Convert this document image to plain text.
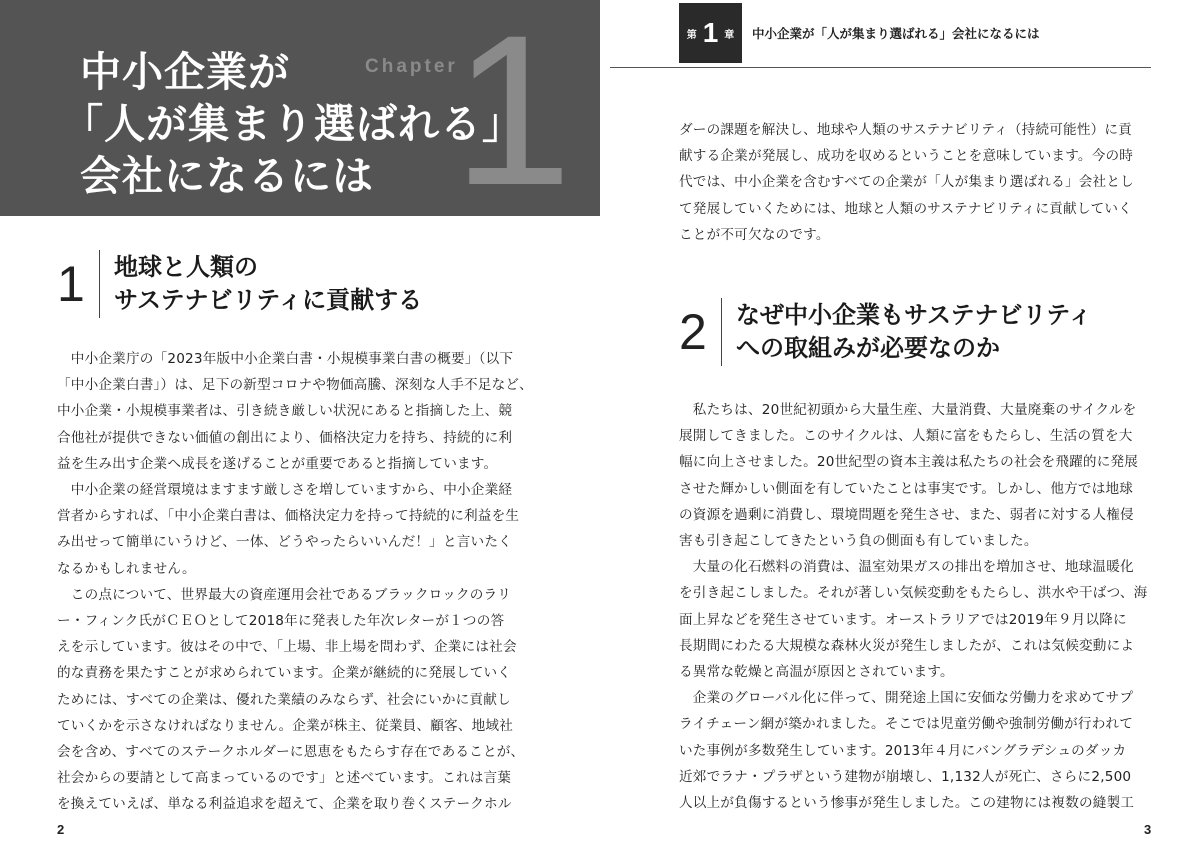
中小企業が
「人が集まり選ばれる」
会社になるには
Chapter
1
1	地球と人類の
サステナビリティに貢献する
　中小企業庁の「2023年版中小企業白書・小規模事業白書の概要」（以下
「中小企業白書」）は、足下の新型コロナや物価高騰、深刻な人手不足など、
中小企業・小規模事業者は、引き続き厳しい状況にあると指摘した上、競
合他社が提供できない価値の創出により、価格決定力を持ち、持続的に利
益を生み出す企業へ成長を遂げることが重要であると指摘しています。
　中小企業の経営環境はますます厳しさを増していますから、中小企業経
営者からすれば、「中小企業白書は、価格決定力を持って持続的に利益を生
み出せって簡単にいうけど、一体、どうやったらいいんだ！」と言いたく
なるかもしれません。
　この点について、世界最大の資産運用会社であるブラックロックのラリ
ー・フィンク氏がＣＥＯとして2018年に発表した年次レターが１つの答
えを示しています。彼はその中で、「上場、非上場を問わず、企業には社会
的な責務を果たすことが求められています。企業が継続的に発展していく
ためには、すべての企業は、優れた業績のみならず、社会にいかに貢献し
ていくかを示さなければなりません。企業が株主、従業員、顧客、地域社
会を含め、すべてのステークホルダーに恩恵をもたらす存在であることが、
社会からの要請として高まっているのです」と述べています。これは言葉
を換えていえば、単なる利益追求を超えて、企業を取り巻くステークホル
2
第 1 章 中小企業が「人が集まり選ばれる」会社になるには
ダーの課題を解決し、地球や人類のサステナビリティ（持続可能性）に貢
献する企業が発展し、成功を収めるということを意味しています。今の時
代では、中小企業を含むすべての企業が「人が集まり選ばれる」会社とし
て発展していくためには、地球と人類のサステナビリティに貢献していく
ことが不可欠なのです。
2	なぜ中小企業もサステナビリティ
への取組みが必要なのか
　私たちは、20世紀初頭から大量生産、大量消費、大量廃棄のサイクルを
展開してきました。このサイクルは、人類に富をもたらし、生活の質を大
幅に向上させました。20世紀型の資本主義は私たちの社会を飛躍的に発展
させた輝かしい側面を有していたことは事実です。しかし、他方では地球
の資源を過剰に消費し、環境問題を発生させ、また、弱者に対する人権侵
害も引き起こしてきたという負の側面も有していました。
　大量の化石燃料の消費は、温室効果ガスの排出を増加させ、地球温暖化
を引き起こしました。それが著しい気候変動をもたらし、洪水や干ばつ、海
面上昇などを発生させています。オーストラリアでは2019年９月以降に
長期間にわたる大規模な森林火災が発生しましたが、これは気候変動によ
る異常な乾燥と高温が原因とされています。
　企業のグローバル化に伴って、開発途上国に安価な労働力を求めてサプ
ライチェーン網が築かれました。そこでは児童労働や強制労働が行われて
いた事例が多数発生しています。2013年４月にバングラデシュのダッカ
近郊でラナ・プラザという建物が崩壊し、1,132人が死亡、さらに2,500
人以上が負傷するという惨事が発生しました。この建物には複数の縫製工
3
